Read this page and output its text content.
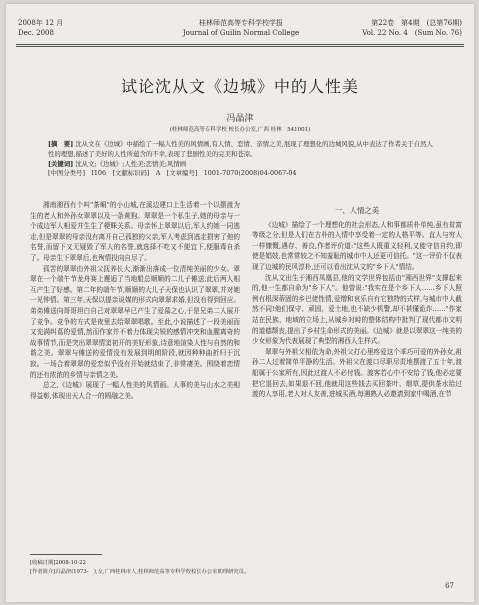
2008年 12 月
Dec. 2008
桂林师范高等专科学校学报
Journal of Guilin Normal College
第22卷　第4期　(总第76期)
Vol. 22 No. 4　(Sum No. 76)
试论沈从文《边城》中的人性美
冯晶津
(桂林师范高等专科学校 校长办公室,广西 桂林　541001)

[摘　要] 沈从文在《边城》中描绘了一幅人性美的风情画,有人情、恋情、亲情之美,展现了理想化的边城风貌,从中表达了作者关于自然人性的理想,描述了美好的人性所蕴含的不幸,表现了悲剧性美的完美和苍凉。

[关键词] 沈从文;《边城》;人性美;恋情美;风情画

[中图分类号]　I106　[文献标识码]　A　[文章编号]　1001-7070(2008)04-0067-04

湘南湘西有个叫"茶峒"的小山城,在溪边建口上生活着一个以摆渡为生的老人和外孙女翠翠以及一条黄狗。翠翠是一个私生子,她的母亲与一个成边军人相爱并生生了梗眯关系。母亲怀上翠翠以后,军人约她一同逃走,但是翠翠的母亲没有离开自己孤独的父亲,军人考虑到逃走损害了他的名誉,而留下又无疑毁了军人的名誉,就选择不吃又不便宜下,便服毒自杀了。母亲生下翠翠后,也殉情投向自尽了。

孤苦的翠翠由外祖父抚养长大,渐渐出落成一位清纯美丽的少女。翠翠在一个端午节龙舟赛上邂逅了当地船总顺顺的二儿子傩送,此后两人相互产生了好感。第二年的端午节,顺顺的大儿子天保也认识了翠翠,并对她一见钟情。第三年,天保以提亲说媒的形式向翠翠求婚,但没有得到回应。弟弟傩送向哥哥坦白自己对翠翠早已产生了爱慕之心,于是兄弟二人展开了竞争。竞争的方式是夜里去给翠翠唱歌。至此,小说描述了一段美丽而又充满纠葛的爱情,然而作家并不着力体现尖锐的感情冲突和血腥离奇的故事情节,而是突出翠翠情窦初开的美好形象,诗意地渲染人性与自然的和谐之美。翠翠与傩送的爱情没有发展到明朗阶段,就因种种曲折归于沉寂。一场合着翠翠的爱恋似乎没有开始就结束了,非常凄美。围绕着恋情的还有浓浓的乡情与亲情之美。

总之,《边城》展现了一幅人性美的风情画。人事的美与山水之美相得益彰,体现出天人合一的圆融之美。

一、人情之美

《边城》描绘了一个理想化的社会形态,人和事都质朴单纯,虽有贫富等级之分,但是人们在古朴的人情中享受着一定的人格平等。直人与穷人一样慷慨,遇存、善良,作者评价道:"这些人既重义轻利,又能守信自约,即使是娼妓,也常常较之不知羞耻的城市中人还更可信托。"这一评价不仅表现了边城的民风淳朴,还可以看出沈从文的"乡下人"情结。

沈从文出生于湘西凤凰县,他的文学世界包括由"湘西世界"支撑起来的,他一生都自命为"乡下人"。他曾说:"我实在是个乡下人……乡下人照例有根深蒂固的乡巴佬性情,爱憎和哀乐自有它独特的式样,与城市中人截然不同!他们保守、顽固、爱土地,也不缺少机警,却不甚懂诡诈……"作家站在民族、地域的立场上,从城乡对峙的整体结构中批判了现代都市文明的道德颓丧,提出了乡村生命形式的美丽。《边城》就是以翠翠这一纯美的少女形象为代表展现了典型的湘西人生样式。

翠翠与外祖父相依为命,外祖父打心里疼爱这个乖巧可爱的外孙女,祖孙二人过着简单平静的生活。外祖父在渡口尽职尽责地摆渡了五十年,渡船属于公家所有,因此过渡人不必付钱。渡客若心中不安给了钱,他必定要把它退回去,如果退不回,他就用这些钱去买回茶叶、烟草,提供茶水给过渡的人享用,老人对人友善,进城买酒,每遇熟人必邀请到家中喝酒,在节

[收稿日期]2008-10-22

[作者简介]冯晶津(1973-　),女,广西桂林市人,桂林师范高等专科学校校长办公室助理研究员。

67
